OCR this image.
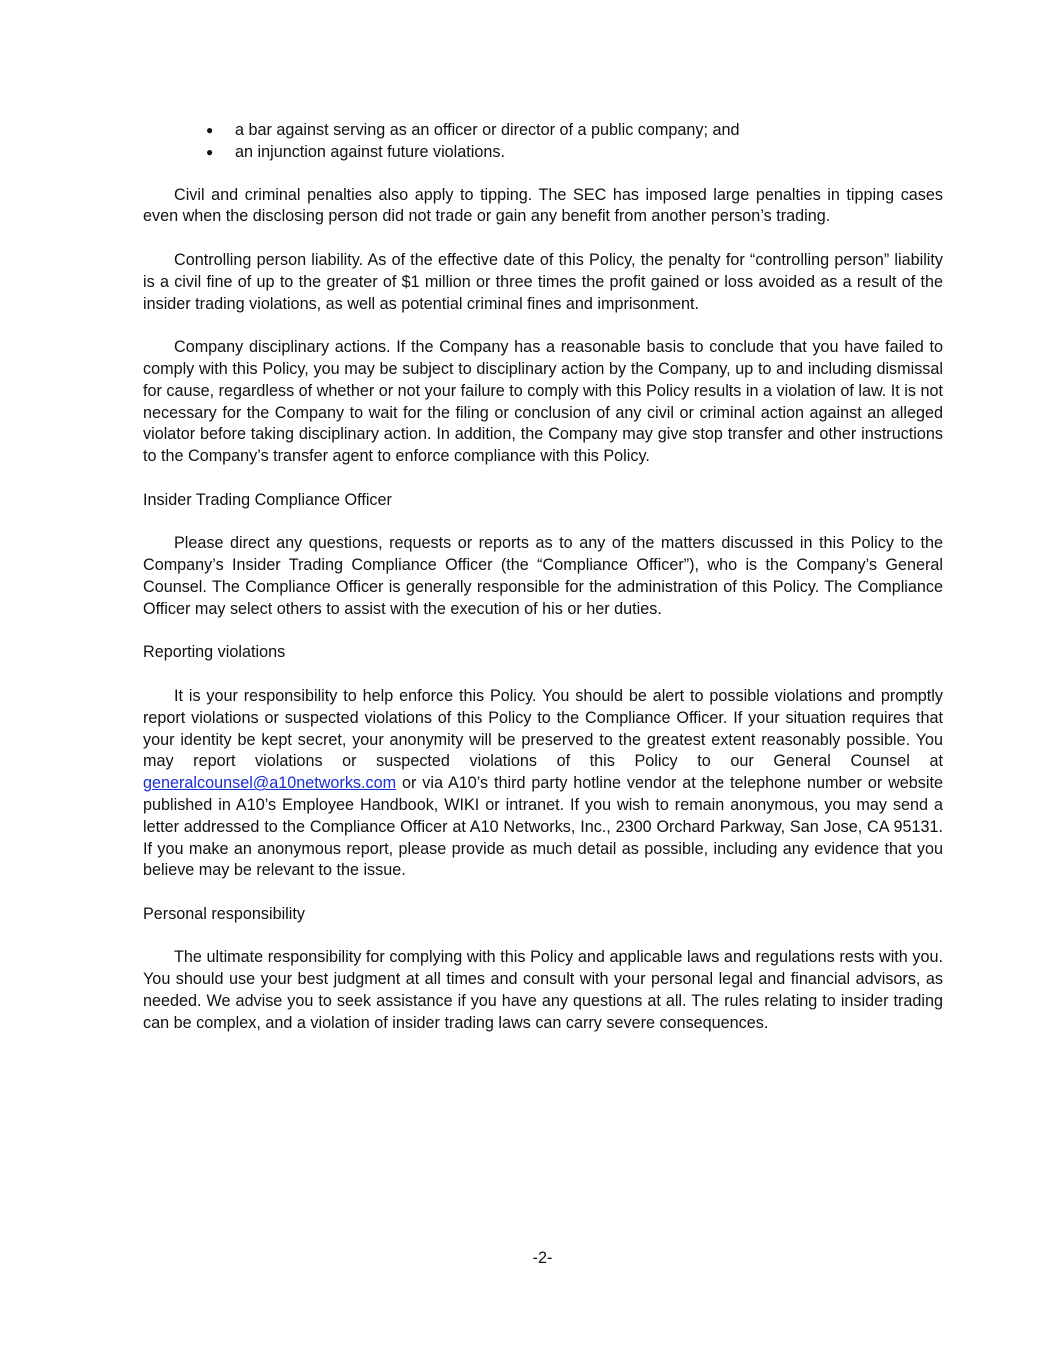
● a bar against serving as an officer or director of a public company; and
● an injunction against future violations.

Civil and criminal penalties also apply to tipping. The SEC has imposed large penalties in tipping cases even when the disclosing person did not trade or gain any benefit from another person’s trading.

Controlling person liability. As of the effective date of this Policy, the penalty for “controlling person” liability is a civil fine of up to the greater of $1 million or three times the profit gained or loss avoided as a result of the insider trading violations, as well as potential criminal fines and imprisonment.

Company disciplinary actions. If the Company has a reasonable basis to conclude that you have failed to comply with this Policy, you may be subject to disciplinary action by the Company, up to and including dismissal for cause, regardless of whether or not your failure to comply with this Policy results in a violation of law. It is not necessary for the Company to wait for the filing or conclusion of any civil or criminal action against an alleged violator before taking disciplinary action. In addition, the Company may give stop transfer and other instructions to the Company’s transfer agent to enforce compliance with this Policy.

Insider Trading Compliance Officer

Please direct any questions, requests or reports as to any of the matters discussed in this Policy to the Company’s Insider Trading Compliance Officer (the “Compliance Officer”), who is the Company’s General Counsel. The Compliance Officer is generally responsible for the administration of this Policy. The Compliance Officer may select others to assist with the execution of his or her duties.

Reporting violations

It is your responsibility to help enforce this Policy. You should be alert to possible violations and promptly report violations or suspected violations of this Policy to the Compliance Officer. If your situation requires that your identity be kept secret, your anonymity will be preserved to the greatest extent reasonably possible. You may report violations or suspected violations of this Policy to our General Counsel at generalcounsel@a10networks.com or via A10’s third party hotline vendor at the telephone number or website published in A10’s Employee Handbook, WIKI or intranet. If you wish to remain anonymous, you may send a letter addressed to the Compliance Officer at A10 Networks, Inc., 2300 Orchard Parkway, San Jose, CA 95131. If you make an anonymous report, please provide as much detail as possible, including any evidence that you believe may be relevant to the issue.

Personal responsibility

The ultimate responsibility for complying with this Policy and applicable laws and regulations rests with you. You should use your best judgment at all times and consult with your personal legal and financial advisors, as needed. We advise you to seek assistance if you have any questions at all. The rules relating to insider trading can be complex, and a violation of insider trading laws can carry severe consequences.

-2-
